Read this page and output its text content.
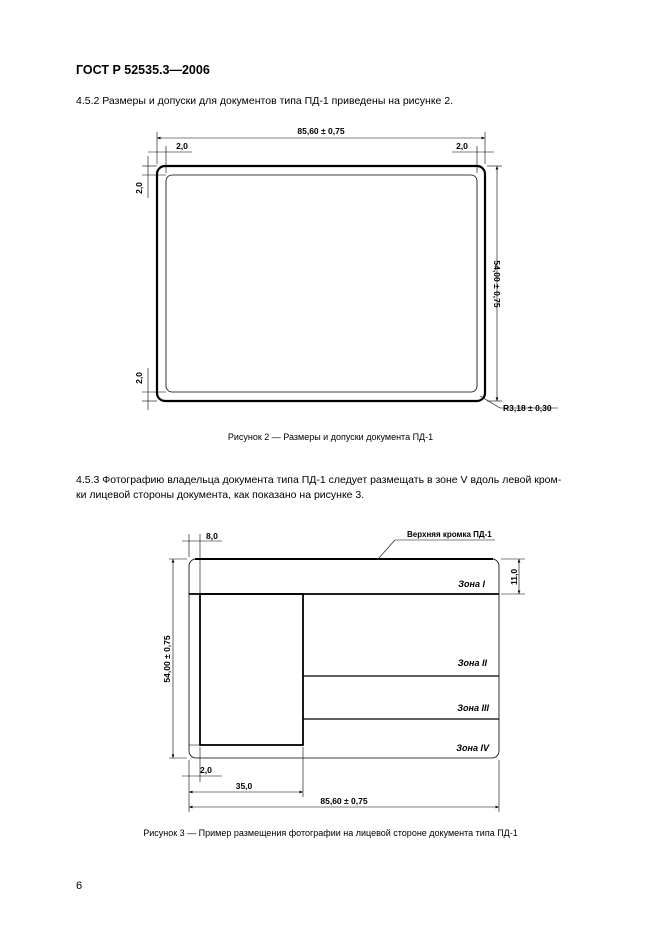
ГОСТ Р 52535.3—2006
4.5.2 Размеры и допуски для документов типа ПД-1 приведены на рисунке 2.
85,60 ± 0,75
2,0	2,0
2,0
2,0
54,00 ± 0,75
R3,18 ± 0,30
Рисунок 2 — Размеры и допуски документа ПД-1
4.5.3 Фотографию владельца документа типа ПД-1 следует размещать в зоне V вдоль левой кром-
ки лицевой стороны документа, как показано на рисунке 3.
8,0	Верхняя кромка ПД-1
11,0
Зона I
Зона II
Зона III
Зона IV
54,00 ± 0,75
2,0
35,0
85,60 ± 0,75
Рисунок 3 — Пример размещения фотографии на лицевой стороне документа типа ПД-1
6
